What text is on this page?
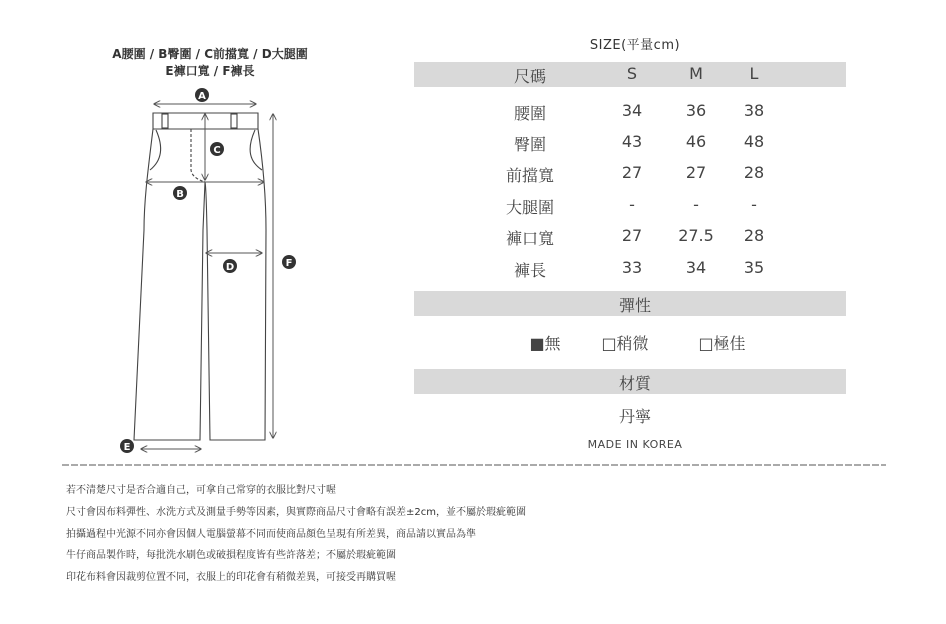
A腰圍 / B臀圍 / C前擋寬 / D大腿圍
E褲口寬 / F褲長
A
C
B
D	F
E
SIZE(平量cm)
尺碼	S	M	L
腰圍	34	36	38
臀圍	43	46	48
前擋寬	27	27	28
大腿圍	-	-	-
褲口寬	27	27.5	28
褲長	33	34	35
彈性
■無	□稍微	□極佳
材質
丹寧
MADE IN KOREA
若不清楚尺寸是否合適自己，可拿自己常穿的衣服比對尺寸喔
尺寸會因布料彈性、水洗方式及測量手勢等因素，與實際商品尺寸會略有誤差±2cm，並不屬於瑕疵範圍
拍攝過程中光源不同亦會因個人電腦螢幕不同而使商品顏色呈現有所差異，商品請以實品為準
牛仔商品製作時，每批洗水刷色或破損程度皆有些許落差；不屬於瑕疵範圍
印花布料會因裁剪位置不同，衣服上的印花會有稍微差異，可接受再購買喔
